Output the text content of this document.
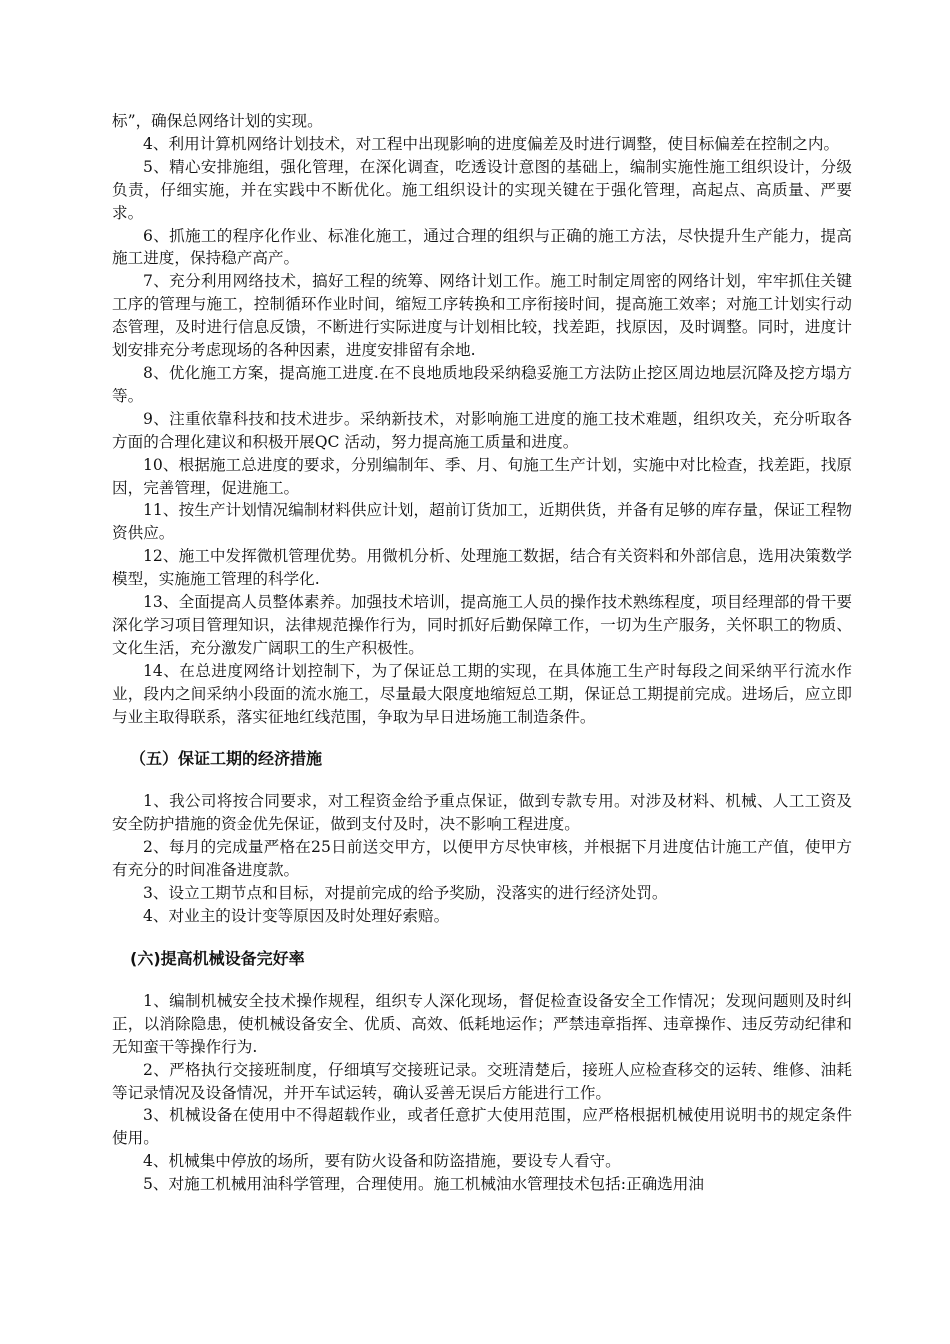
标”，确保总网络计划的实现。

4、利用计算机网络计划技术，对工程中出现影响的进度偏差及时进行调整，使目标偏差在控制之内。

5、精心安排施组，强化管理，在深化调查，吃透设计意图的基础上，编制实施性施工组织设计，分级负责，仔细实施，并在实践中不断优化。施工组织设计的实现关键在于强化管理，高起点、高质量、严要求。

6、抓施工的程序化作业、标准化施工，通过合理的组织与正确的施工方法，尽快提升生产能力，提高施工进度，保持稳产高产。

7、充分利用网络技术，搞好工程的统筹、网络计划工作。施工时制定周密的网络计划，牢牢抓住关键工序的管理与施工，控制循环作业时间，缩短工序转换和工序衔接时间，提高施工效率；对施工计划实行动态管理，及时进行信息反馈，不断进行实际进度与计划相比较，找差距，找原因，及时调整。同时，进度计划安排充分考虑现场的各种因素，进度安排留有余地.

8、优化施工方案，提高施工进度.在不良地质地段采纳稳妥施工方法防止挖区周边地层沉降及挖方塌方等。

9、注重依靠科技和技术进步。采纳新技术，对影响施工进度的施工技术难题，组织攻关，充分听取各方面的合理化建议和积极开展QC 活动，努力提高施工质量和进度。

10、根据施工总进度的要求，分别编制年、季、月、旬施工生产计划，实施中对比检查，找差距，找原因，完善管理，促进施工。

11、按生产计划情况编制材料供应计划，超前订货加工，近期供货，并备有足够的库存量，保证工程物资供应。

12、施工中发挥微机管理优势。用微机分析、处理施工数据，结合有关资料和外部信息，选用决策数学模型，实施施工管理的科学化.

13、全面提高人员整体素养。加强技术培训，提高施工人员的操作技术熟练程度，项目经理部的骨干要深化学习项目管理知识，法律规范操作行为，同时抓好后勤保障工作，一切为生产服务，关怀职工的物质、文化生活，充分激发广阔职工的生产积极性。

14、在总进度网络计划控制下，为了保证总工期的实现，在具体施工生产时每段之间采纳平行流水作业，段内之间采纳小段面的流水施工，尽量最大限度地缩短总工期，保证总工期提前完成。进场后，应立即与业主取得联系，落实征地红线范围，争取为早日进场施工制造条件。

（五）保证工期的经济措施

1、我公司将按合同要求，对工程资金给予重点保证，做到专款专用。对涉及材料、机械、人工工资及安全防护措施的资金优先保证，做到支付及时，决不影响工程进度。

2、每月的完成量严格在25日前送交甲方，以便甲方尽快审核，并根据下月进度估计施工产值，使甲方有充分的时间准备进度款。

3、设立工期节点和目标，对提前完成的给予奖励，没落实的进行经济处罚。

4、对业主的设计变等原因及时处理好索赔。

(六)提高机械设备完好率

1、编制机械安全技术操作规程，组织专人深化现场，督促检查设备安全工作情况；发现问题则及时纠正，以消除隐患，使机械设备安全、优质、高效、低耗地运作；严禁违章指挥、违章操作、违反劳动纪律和无知蛮干等操作行为.

2、严格执行交接班制度，仔细填写交接班记录。交班清楚后，接班人应检查移交的运转、维修、油耗等记录情况及设备情况，并开车试运转，确认妥善无误后方能进行工作。

3、机械设备在使用中不得超载作业，或者任意扩大使用范围，应严格根据机械使用说明书的规定条件使用。

4、机械集中停放的场所，要有防火设备和防盗措施，要设专人看守。

5、对施工机械用油科学管理，合理使用。施工机械油水管理技术包括:正确选用油
